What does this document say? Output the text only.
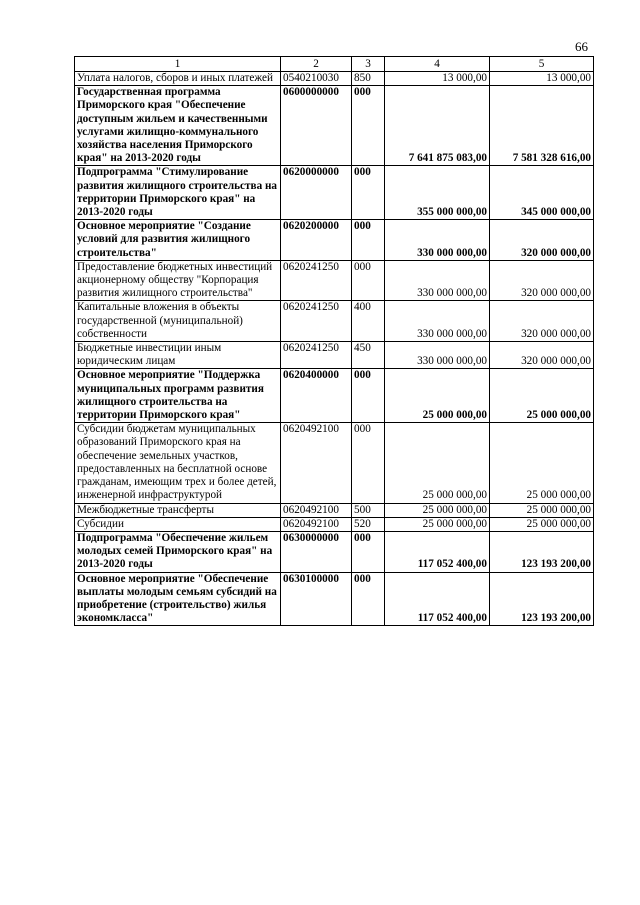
66
1	2	3	4	5
Уплата налогов, сборов и иных платежей	0540210030	850	13 000,00	13 000,00
Государственная программа Приморского края "Обеспечение доступным жильем и качественными услугами жилищно-коммунального хозяйства населения Приморского края" на 2013-2020 годы	0600000000	000	7 641 875 083,00	7 581 328 616,00
Подпрограмма "Стимулирование развития жилищного строительства на территории Приморского края" на 2013-2020 годы	0620000000	000	355 000 000,00	345 000 000,00
Основное мероприятие "Создание условий для развития жилищного строительства"	0620200000	000	330 000 000,00	320 000 000,00
Предоставление бюджетных инвестиций акционерному обществу "Корпорация развития жилищного строительства"	0620241250	000	330 000 000,00	320 000 000,00
Капитальные вложения в объекты государственной (муниципальной) собственности	0620241250	400	330 000 000,00	320 000 000,00
Бюджетные инвестиции иным юридическим лицам	0620241250	450	330 000 000,00	320 000 000,00
Основное мероприятие "Поддержка муниципальных программ развития жилищного строительства на территории Приморского края"	0620400000	000	25 000 000,00	25 000 000,00
Субсидии бюджетам муниципальных образований Приморского края на обеспечение земельных участков, предоставленных на бесплатной основе гражданам, имеющим трех и более детей, инженерной инфраструктурой	0620492100	000	25 000 000,00	25 000 000,00
Межбюджетные трансферты	0620492100	500	25 000 000,00	25 000 000,00
Субсидии	0620492100	520	25 000 000,00	25 000 000,00
Подпрограмма "Обеспечение жильем молодых семей Приморского края" на 2013-2020 годы	0630000000	000	117 052 400,00	123 193 200,00
Основное мероприятие "Обеспечение выплаты молодым семьям субсидий на приобретение (строительство) жилья экономкласса"	0630100000	000	117 052 400,00	123 193 200,00
